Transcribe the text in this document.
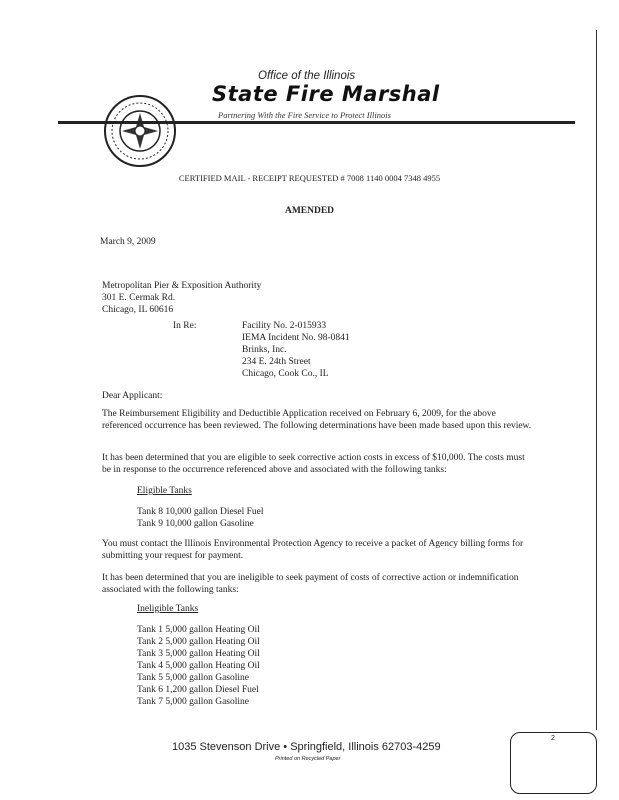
Office of the Illinois
State Fire Marshal
Partnering With the Fire Service to Protect Illinois
CERTIFIED MAIL - RECEIPT REQUESTED # 7008 1140 0004 7348 4955
AMENDED
March 9, 2009
Metropolitan Pier & Exposition Authority
301 E. Cermak Rd.
Chicago, IL 60616
In Re:	Facility No. 2-015933
IEMA Incident No. 98-0841
Brinks, Inc.
234 E. 24th Street
Chicago, Cook Co., IL
Dear Applicant:
The Reimbursement Eligibility and Deductible Application received on February 6, 2009, for the above referenced occurrence has been reviewed. The following determinations have been made based upon this review.
It has been determined that you are eligible to seek corrective action costs in excess of $10,000. The costs must be in response to the occurrence referenced above and associated with the following tanks:
Eligible Tanks
Tank 8 10,000 gallon Diesel Fuel
Tank 9 10,000 gallon Gasoline
You must contact the Illinois Environmental Protection Agency to receive a packet of Agency billing forms for submitting your request for payment.
It has been determined that you are ineligible to seek payment of costs of corrective action or indemnification associated with the following tanks:
Ineligible Tanks
Tank 1 5,000 gallon Heating Oil
Tank 2 5,000 gallon Heating Oil
Tank 3 5,000 gallon Heating Oil
Tank 4 5,000 gallon Heating Oil
Tank 5 5,000 gallon Gasoline
Tank 6 1,200 gallon Diesel Fuel
Tank 7 5,000 gallon Gasoline
1035 Stevenson Drive • Springfield, Illinois 62703-4259
Printed on Recycled Paper
2
